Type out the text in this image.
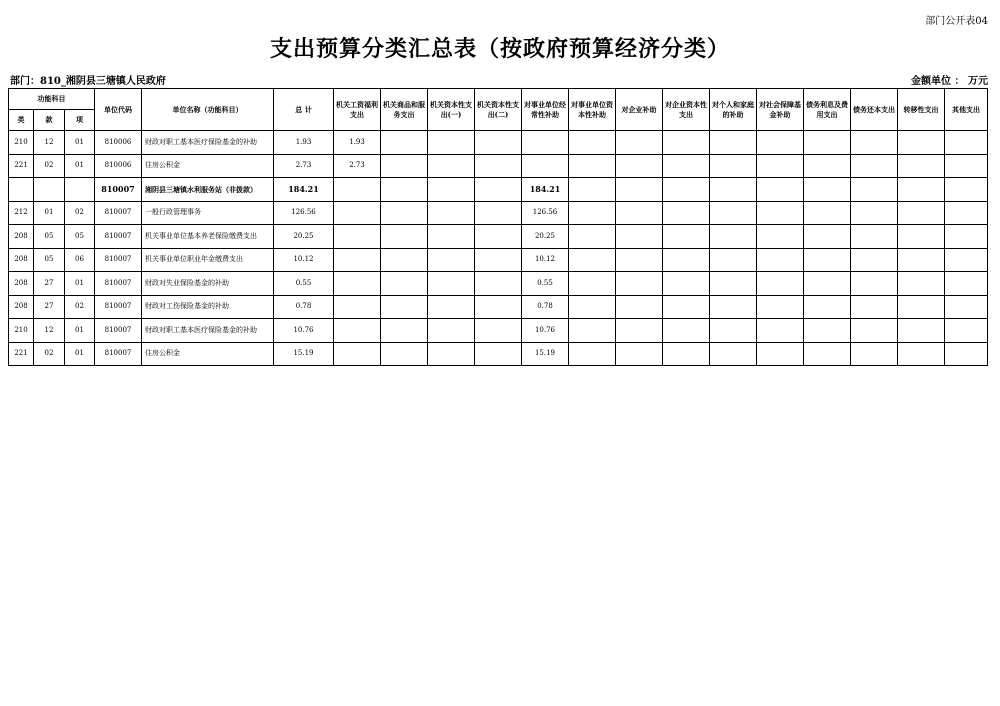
部门公开表04
支出预算分类汇总表（按政府预算经济分类）
部门：810_湘阴县三塘镇人民政府	金额单位 ： 万元
功能科目			单位代码	单位名称（功能科目）	总 计	机关工资福利支出	机关商品和服务支出	机关资本性支出(一)	机关资本性支出(二)	对事业单位经常性补助	对事业单位资本性补助	对企业补助	对企业资本性支出	对个人和家庭的补助	对社会保障基金补助	债务利息及费用支出	债务还本支出	转移性支出	其他支出
类	款	项																	
210	12	01	810006	财政对职工基本医疗保险基金的补助	1.93	1.93													
221	02	01	810006	住房公积金	2.73	2.73													
			810007	湘阴县三塘镇水利服务站（非拨款）	184.21					184.21									
212	01	02	810007	一般行政管理事务	126.56					126.56									
208	05	05	810007	机关事业单位基本养老保险缴费支出	20.25					20.25									
208	05	06	810007	机关事业单位职业年金缴费支出	10.12					10.12									
208	27	01	810007	财政对失业保险基金的补助	0.55					0.55									
208	27	02	810007	财政对工伤保险基金的补助	0.78					0.78									
210	12	01	810007	财政对职工基本医疗保险基金的补助	10.76					10.76									
221	02	01	810007	住房公积金	15.19					15.19									
